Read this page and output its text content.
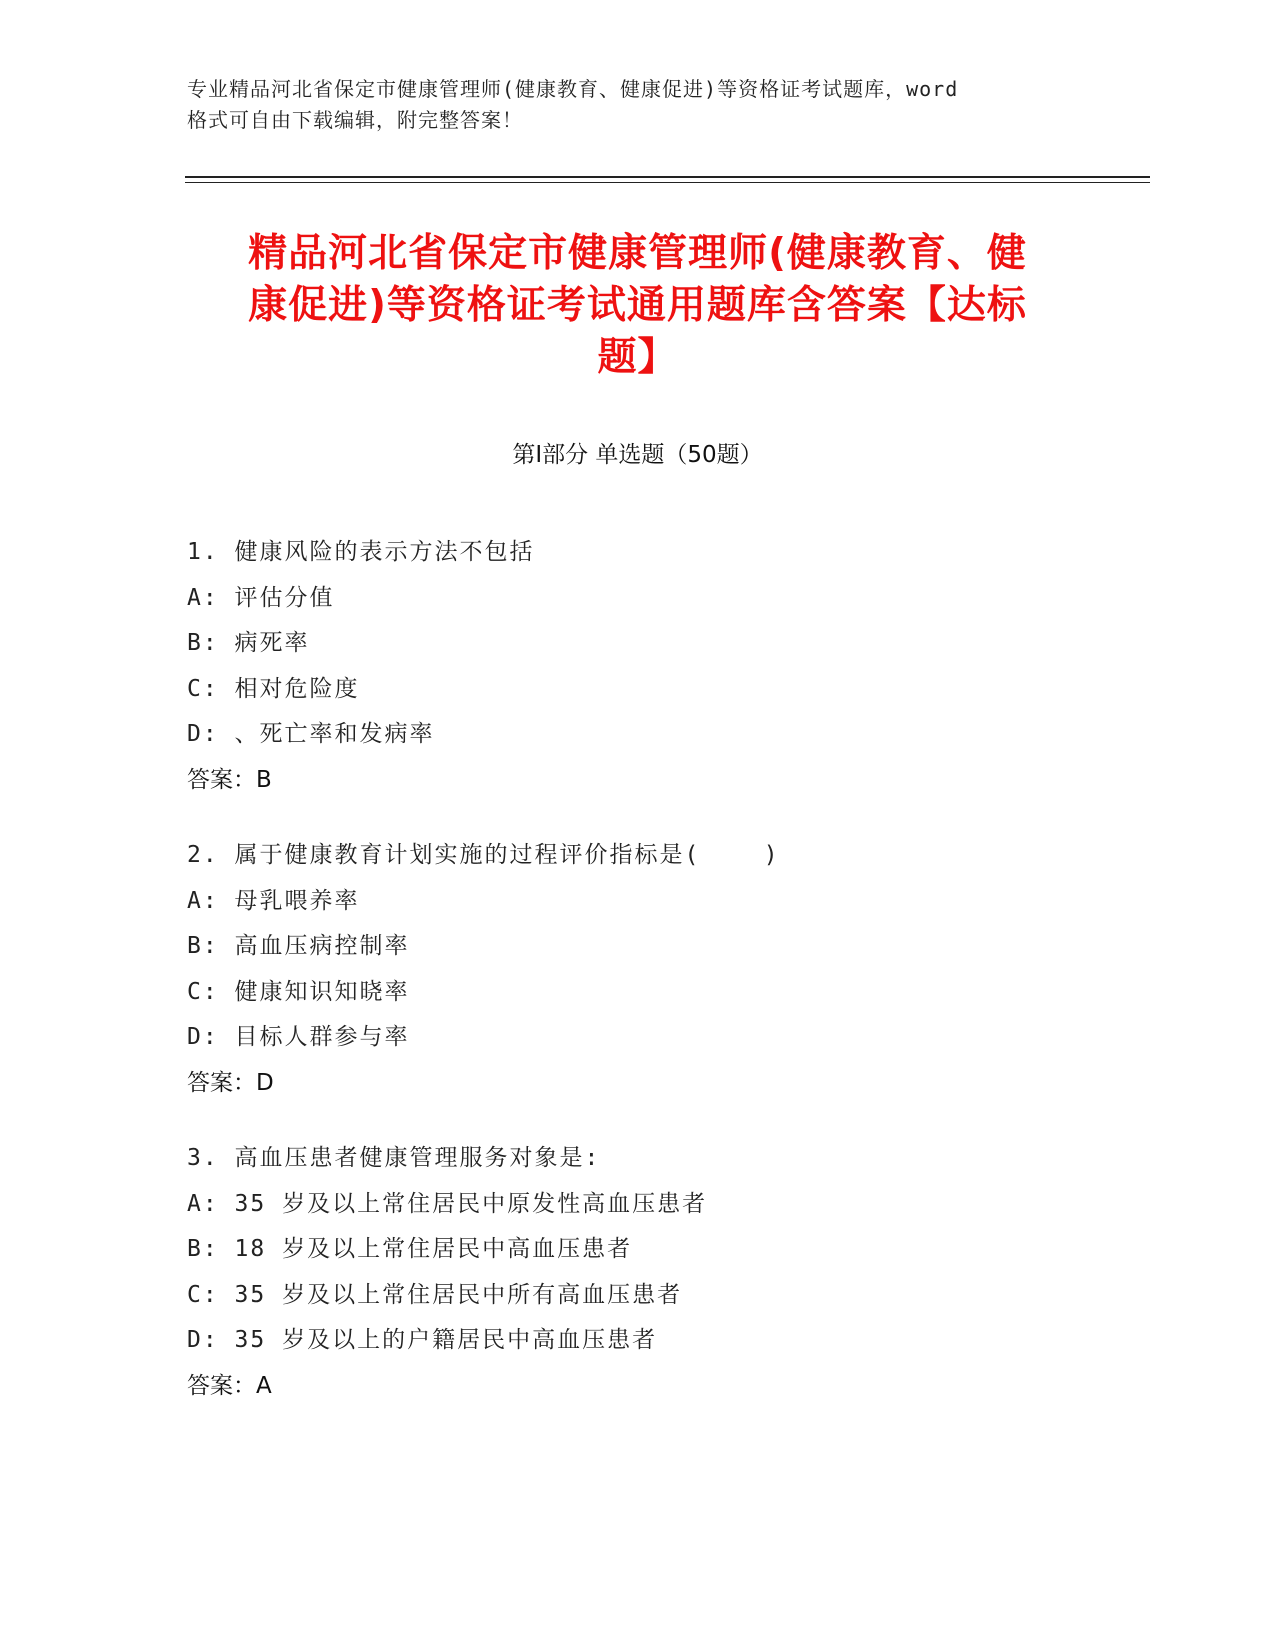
专业精品河北省保定市健康管理师(健康教育、健康促进)等资格证考试题库，word
格式可自由下载编辑，附完整答案！
精品河北省保定市健康管理师(健康教育、健
康促进)等资格证考试通用题库含答案【达标
题】
第Ⅰ部分 单选题（50题）
1. 健康风险的表示方法不包括
A: 评估分值
B: 病死率
C: 相对危险度
D: 、死亡率和发病率
答案：B
2. 属于健康教育计划实施的过程评价指标是(    )
A: 母乳喂养率
B: 高血压病控制率
C: 健康知识知晓率
D: 目标人群参与率
答案：D
3. 高血压患者健康管理服务对象是:
A: 35 岁及以上常住居民中原发性高血压患者
B: 18 岁及以上常住居民中高血压患者
C: 35 岁及以上常住居民中所有高血压患者
D: 35 岁及以上的户籍居民中高血压患者
答案：A
